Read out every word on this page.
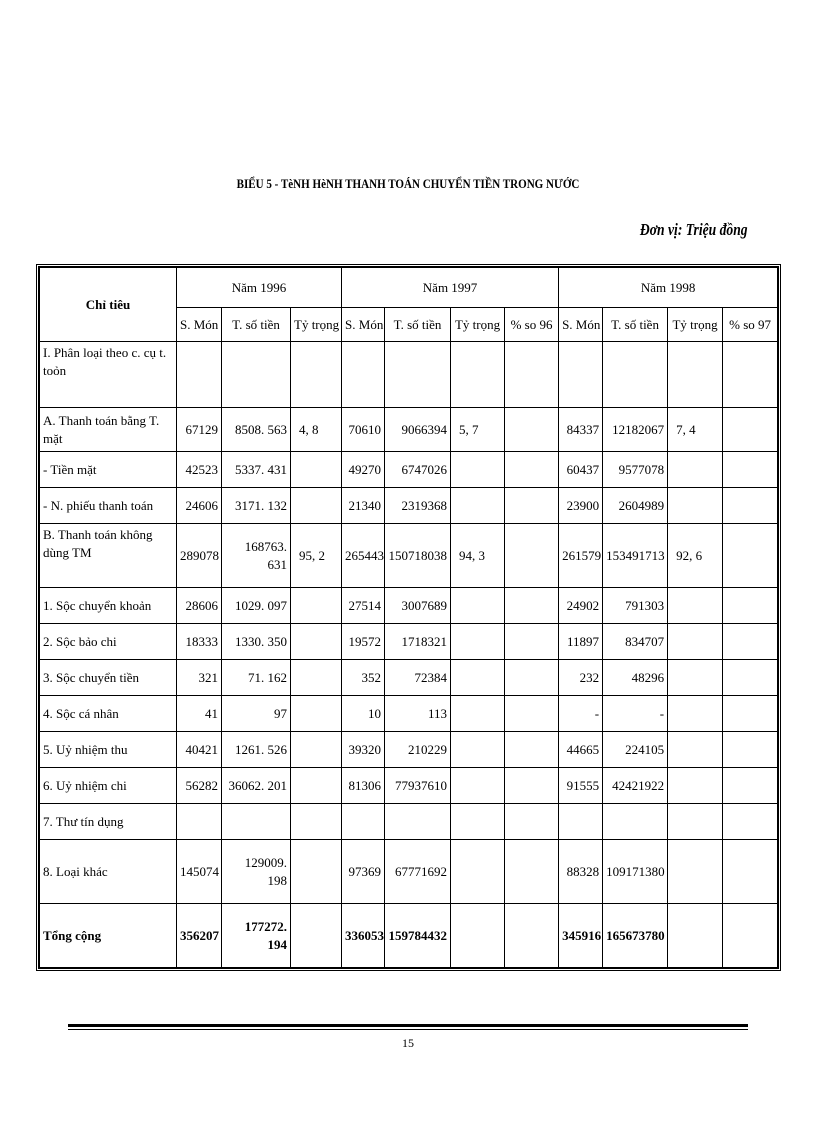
BIỂU 5 - TèNH HèNH THANH TOÁN CHUYỂN TIỀN TRONG NƯỚC
Đơn vị: Triệu đồng
Chỉ tiêu	Năm 1996			Năm 1997				Năm 1998			
	S. Món	T. số tiền	Tỷ trọng	S. Món	T. số tiền	Tỷ trọng	% so 96	S. Món	T. số tiền	Tỷ trọng	% so 97
I. Phân loại theo c. cụ t. toỏn											
A. Thanh toán bằng T. mặt	67129	8508. 563	4, 8	70610	9066394	5, 7		84337	12182067	7, 4	
- Tiền mặt	42523	5337. 431		49270	6747026			60437	9577078		
- N. phiếu thanh toán	24606	3171. 132		21340	2319368			23900	2604989		
B. Thanh toán không dùng TM	289078	168763. 631	95, 2	265443	150718038	94, 3		261579	153491713	92, 6	
1. Sộc chuyển khoản	28606	1029. 097		27514	3007689			24902	791303		
2. Sộc bảo chi	18333	1330. 350		19572	1718321			11897	834707		
3. Sộc chuyển tiền	321	71. 162		352	72384			232	48296		
4. Sộc cá nhân	41	97		10	113			-	-		
5. Uỷ nhiệm thu	40421	1261. 526		39320	210229			44665	224105		
6. Uỷ nhiệm chi	56282	36062. 201		81306	77937610			91555	42421922		
7. Thư tín dụng											
8. Loại khác	145074	129009. 198		97369	67771692			88328	109171380		
Tổng cộng	356207	177272. 194		336053	159784432			345916	165673780		
15
